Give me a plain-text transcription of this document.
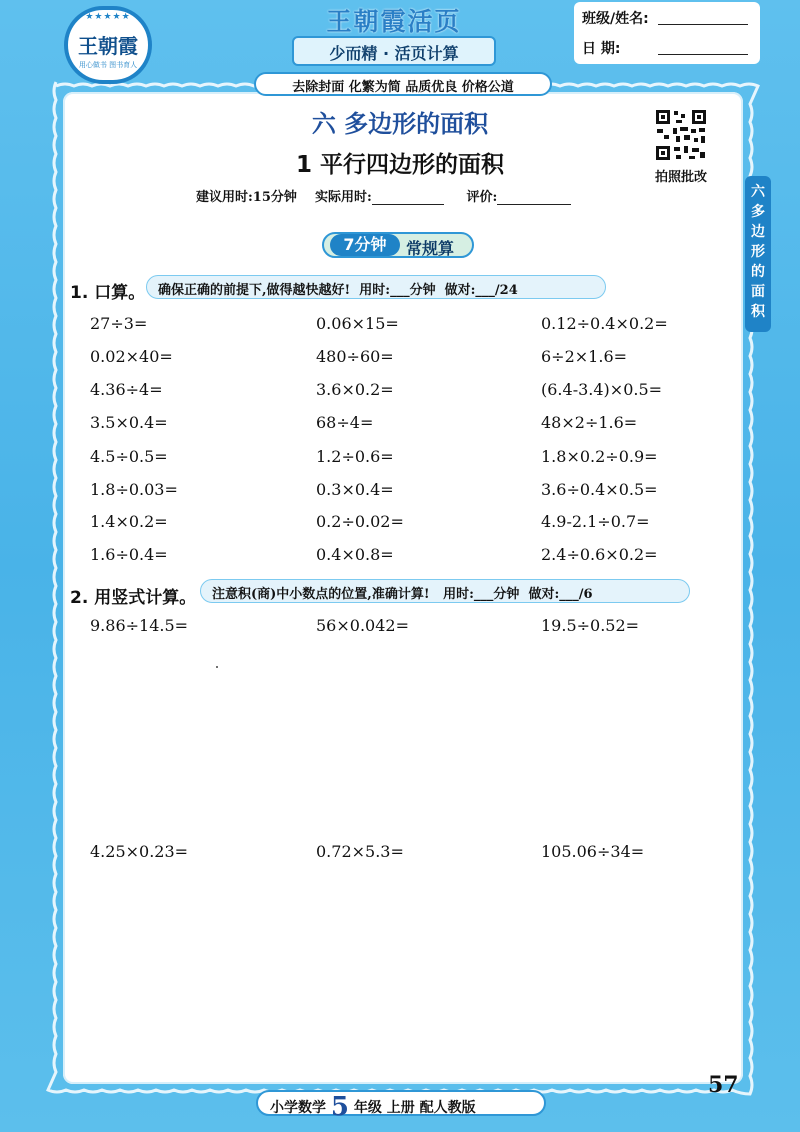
★★★★★
王朝霞
用心做书 图书育人
王朝霞活页
少而精 · 活页计算
去除封面 化繁为简 品质优良 价格公道
班级/姓名:
日 期:
六 多边形的面积
1 平行四边形的面积
建议用时:15分钟 实际用时:	评价:
拍照批改
六
多
边
形
的
面
积
7分钟	常规算
1. 口算。 确保正确的前提下,做得越快越好!  用时:___分钟  做对:___/24
27÷3=	0.06×15=	0.12÷0.4×0.2=
0.02×40=	480÷60=	6÷2×1.6=
4.36÷4=	3.6×0.2=	(6.4-3.4)×0.5=
3.5×0.4=	68÷4=	48×2÷1.6=
4.5÷0.5=	1.2÷0.6=	1.8×0.2÷0.9=
1.8÷0.03=	0.3×0.4=	3.6÷0.4×0.5=
1.4×0.2=	0.2÷0.02=	4.9-2.1÷0.7=
1.6÷0.4=	0.4×0.8=	2.4÷0.6×0.2=
2. 用竖式计算。 注意积(商)中小数点的位置,准确计算!   用时:___分钟  做对:___/6
9.86÷14.5=	56×0.042=	19.5÷0.52=
4.25×0.23=	0.72×5.3=	105.06÷34=
小学数学 5 年级 上册 配人教版
57
